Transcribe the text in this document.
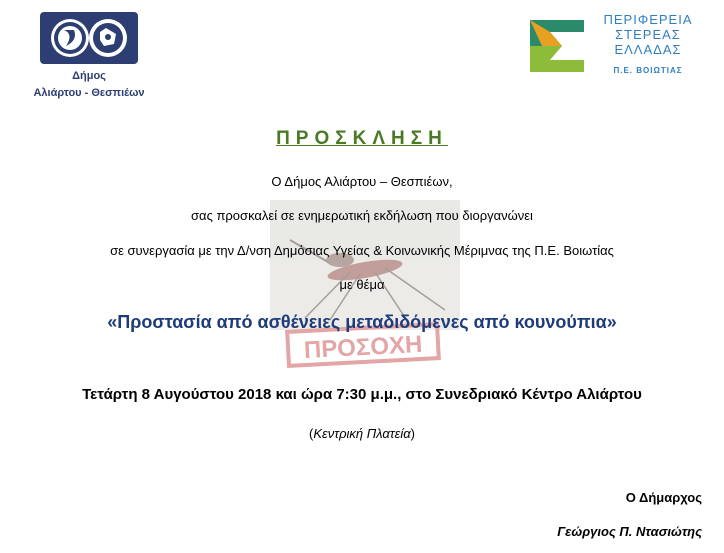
ΠΡΟΣΟΧΗ
Δήμος
Αλιάρτου - Θεσπιέων
ΠΕΡΙΦΕΡΕΙΑ
ΣΤΕΡΕΑΣ
ΕΛΛΑΔΑΣ
Π.Ε. ΒΟΙΩΤΙΑΣ
ΠΡΟΣΚΛΗΣΗ
Ο Δήμος Αλιάρτου – Θεσπιέων,
σας προσκαλεί σε ενημερωτική εκδήλωση που διοργανώνει
σε συνεργασία με την Δ/νση Δημόσιας Υγείας & Κοινωνικής Μέριμνας της Π.Ε. Βοιωτίας
με θέμα
«Προστασία από ασθένειες μεταδιδόμενες από κουνούπια»
Τετάρτη 8 Αυγούστου 2018 και ώρα 7:30 μ.μ., στο Συνεδριακό Κέντρο Αλιάρτου
(Κεντρική Πλατεία)
Ο Δήμαρχος
Γεώργιος Π. Ντασιώτης
